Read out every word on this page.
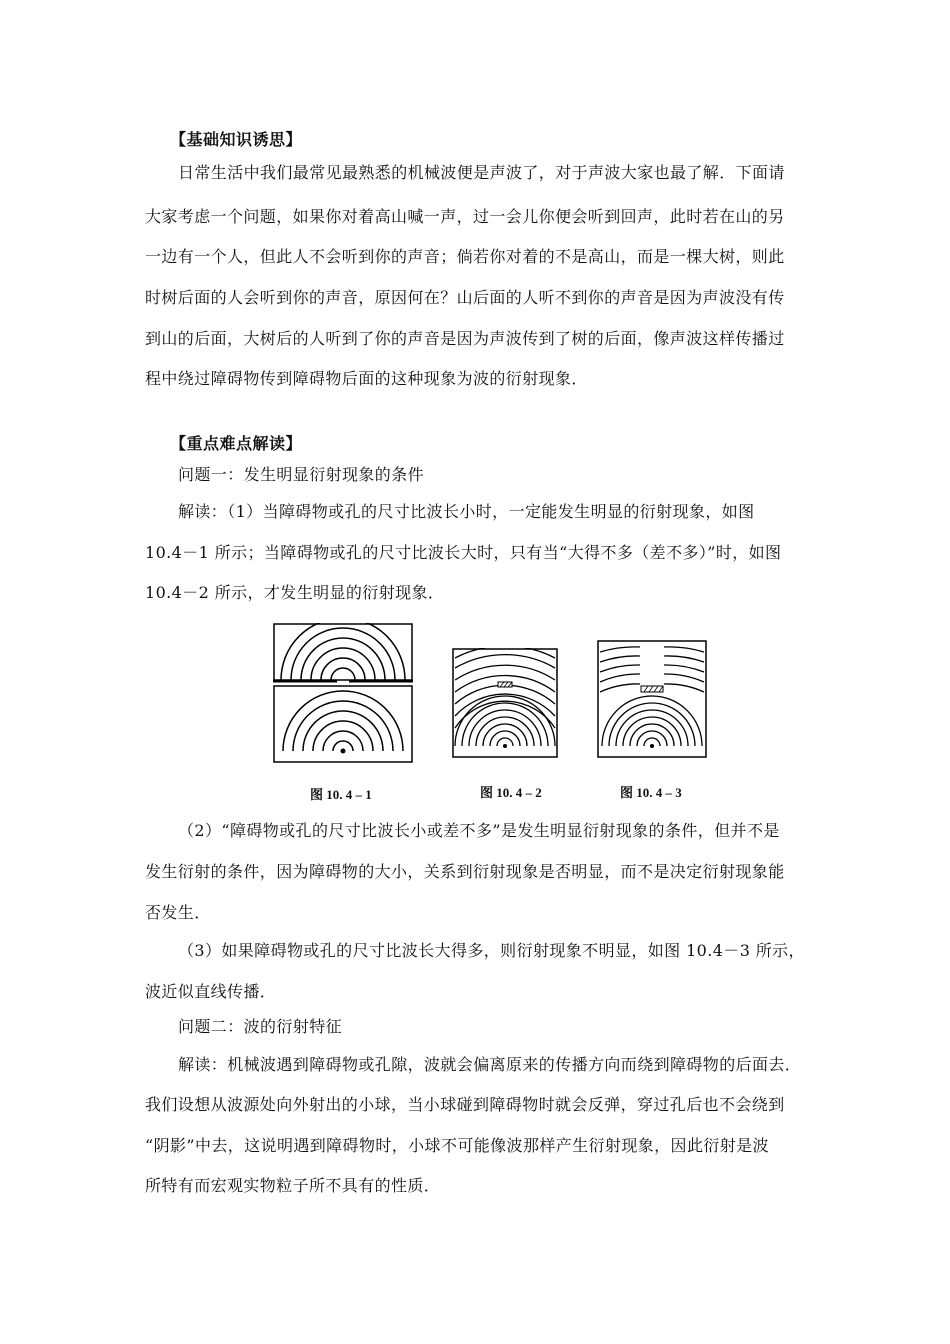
【基础知识诱思】
日常生活中我们最常见最熟悉的机械波便是声波了，对于声波大家也最了解．下面请
大家考虑一个问题，如果你对着高山喊一声，过一会儿你便会听到回声，此时若在山的另
一边有一个人，但此人不会听到你的声音；倘若你对着的不是高山，而是一棵大树，则此
时树后面的人会听到你的声音，原因何在？山后面的人听不到你的声音是因为声波没有传
到山的后面，大树后的人听到了你的声音是因为声波传到了树的后面，像声波这样传播过
程中绕过障碍物传到障碍物后面的这种现象为波的衍射现象．
【重点难点解读】
问题一：发生明显衍射现象的条件
解读：（1）当障碍物或孔的尺寸比波长小时，一定能发生明显的衍射现象，如图
10.4－1 所示；当障碍物或孔的尺寸比波长大时，只有当“大得不多（差不多）”时，如图
10.4－2 所示，才发生明显的衍射现象．
图 10. 4 – 1	图 10. 4 – 2	图 10. 4 – 3
（2）“障碍物或孔的尺寸比波长小或差不多”是发生明显衍射现象的条件，但并不是
发生衍射的条件，因为障碍物的大小，关系到衍射现象是否明显，而不是决定衍射现象能
否发生．
（3）如果障碍物或孔的尺寸比波长大得多，则衍射现象不明显，如图 10.4－3 所示，
波近似直线传播．
问题二：波的衍射特征
解读：机械波遇到障碍物或孔隙，波就会偏离原来的传播方向而绕到障碍物的后面去．
我们设想从波源处向外射出的小球，当小球碰到障碍物时就会反弹，穿过孔后也不会绕到
“阴影”中去，这说明遇到障碍物时，小球不可能像波那样产生衍射现象，因此衍射是波
所特有而宏观实物粒子所不具有的性质．
